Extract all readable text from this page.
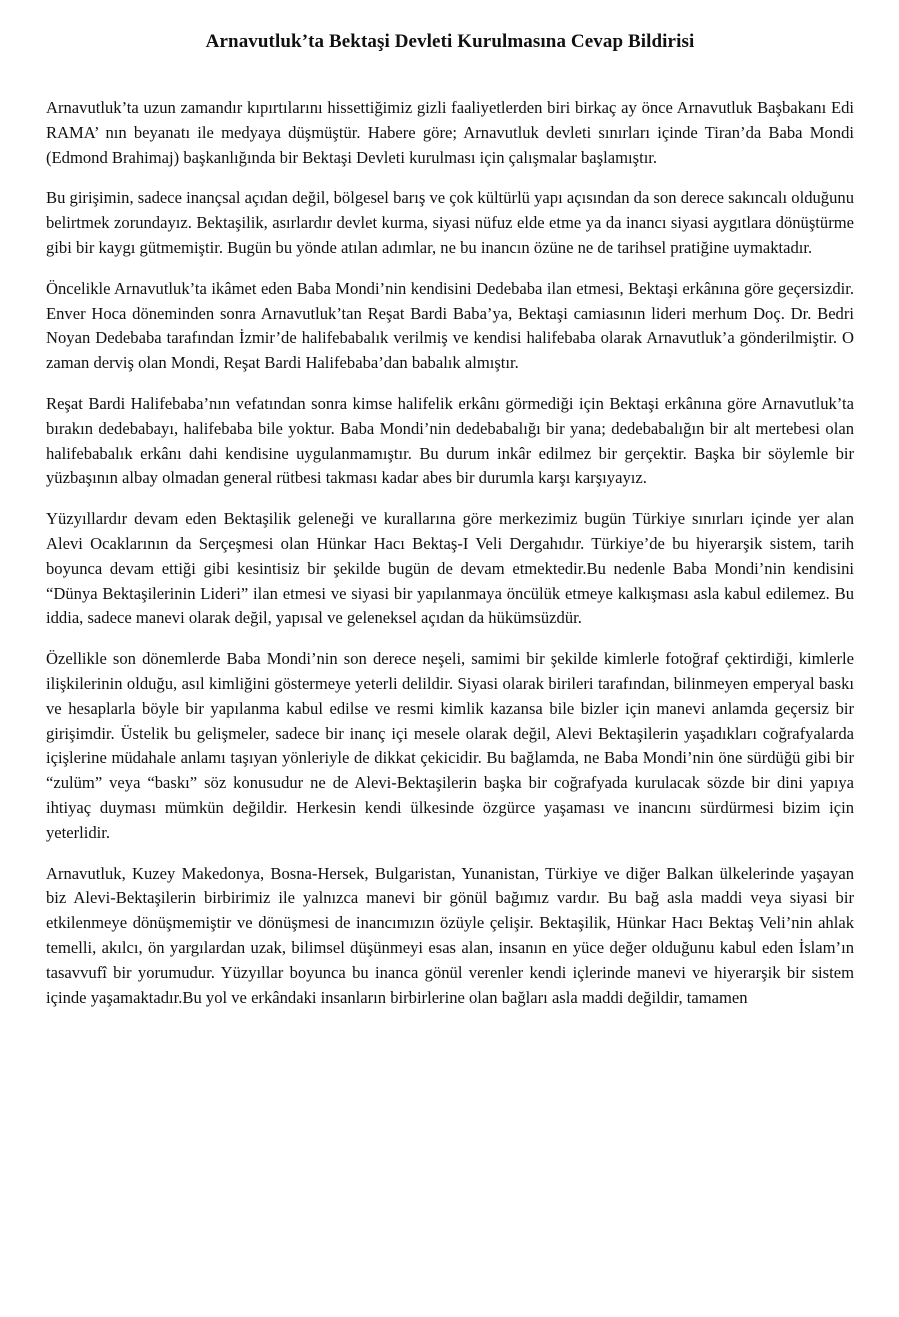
Arnavutluk’ta Bektaşi Devleti Kurulmasına Cevap Bildirisi

Arnavutluk’ta uzun zamandır kıpırtılarını hissettiğimiz gizli faaliyetlerden biri birkaç ay önce Arnavutluk Başbakanı Edi RAMA’ nın beyanatı ile medyaya düşmüştür. Habere göre; Arnavutluk devleti sınırları içinde Tiran’da Baba Mondi (Edmond Brahimaj) başkanlığında bir Bektaşi Devleti kurulması için çalışmalar başlamıştır.

Bu girişimin, sadece inançsal açıdan değil, bölgesel barış ve çok kültürlü yapı açısından da son derece sakıncalı olduğunu belirtmek zorundayız. Bektaşilik, asırlardır devlet kurma, siyasi nüfuz elde etme ya da inancı siyasi aygıtlara dönüştürme gibi bir kaygı gütmemiştir. Bugün bu yönde atılan adımlar, ne bu inancın özüne ne de tarihsel pratiğine uymaktadır.

Öncelikle Arnavutluk’ta ikâmet eden Baba Mondi’nin kendisini Dedebaba ilan etmesi, Bektaşi erkânına göre geçersizdir. Enver Hoca döneminden sonra Arnavutluk’tan Reşat Bardi Baba’ya, Bektaşi camiasının lideri merhum Doç. Dr. Bedri Noyan Dedebaba tarafından İzmir’de halifebabalık verilmiş ve kendisi halifebaba olarak Arnavutluk’a gönderilmiştir. O zaman derviş olan Mondi, Reşat Bardi Halifebaba’dan babalık almıştır.

Reşat Bardi Halifebaba’nın vefatından sonra kimse halifelik erkânı görmediği için Bektaşi erkânına göre Arnavutluk’ta bırakın dedebabayı, halifebaba bile yoktur. Baba Mondi’nin dedebabalığı bir yana; dedebabalığın bir alt mertebesi olan halifebabalık erkânı dahi kendisine uygulanmamıştır. Bu durum inkâr edilmez bir gerçektir. Başka bir söylemle bir yüzbaşının albay olmadan general rütbesi takması kadar abes bir durumla karşı karşıyayız.

Yüzyıllardır devam eden Bektaşilik geleneği ve kurallarına göre merkezimiz bugün Türkiye sınırları içinde yer alan Alevi Ocaklarının da Serçeşmesi olan Hünkar Hacı Bektaş-I Veli Dergahıdır. Türkiye’de bu hiyerarşik sistem, tarih boyunca devam ettiği gibi kesintisiz bir şekilde bugün de devam etmektedir.Bu nedenle Baba Mondi’nin kendisini “Dünya Bektaşilerinin Lideri” ilan etmesi ve siyasi bir yapılanmaya öncülük etmeye kalkışması asla kabul edilemez. Bu iddia, sadece manevi olarak değil, yapısal ve geleneksel açıdan da hükümsüzdür.

Özellikle son dönemlerde Baba Mondi’nin son derece neşeli, samimi bir şekilde kimlerle fotoğraf çektirdiği, kimlerle ilişkilerinin olduğu, asıl kimliğini göstermeye yeterli delildir. Siyasi olarak birileri tarafından, bilinmeyen emperyal baskı ve hesaplarla böyle bir yapılanma kabul edilse ve resmi kimlik kazansa bile bizler için manevi anlamda geçersiz bir girişimdir. Üstelik bu gelişmeler, sadece bir inanç içi mesele olarak değil, Alevi Bektaşilerin yaşadıkları coğrafyalarda içişlerine müdahale anlamı taşıyan yönleriyle de dikkat çekicidir. Bu bağlamda, ne Baba Mondi’nin öne sürdüğü gibi bir “zulüm” veya “baskı” söz konusudur ne de Alevi-Bektaşilerin başka bir coğrafyada kurulacak sözde bir dini yapıya ihtiyaç duyması mümkün değildir. Herkesin kendi ülkesinde özgürce yaşaması ve inancını sürdürmesi bizim için yeterlidir.

Arnavutluk, Kuzey Makedonya, Bosna-Hersek, Bulgaristan, Yunanistan, Türkiye ve diğer Balkan ülkelerinde yaşayan biz Alevi-Bektaşilerin birbirimiz ile yalnızca manevi bir gönül bağımız vardır. Bu bağ asla maddi veya siyasi bir etkilenmeye dönüşmemiştir ve dönüşmesi de inancımızın özüyle çelişir. Bektaşilik, Hünkar Hacı Bektaş Veli’nin ahlak temelli, akılcı, ön yargılardan uzak, bilimsel düşünmeyi esas alan, insanın en yüce değer olduğunu kabul eden İslam’ın tasavvufî bir yorumudur. Yüzyıllar boyunca bu inanca gönül verenler kendi içlerinde manevi ve hiyerarşik bir sistem içinde yaşamaktadır.Bu yol ve erkândaki insanların birbirlerine olan bağları asla maddi değildir, tamamen
